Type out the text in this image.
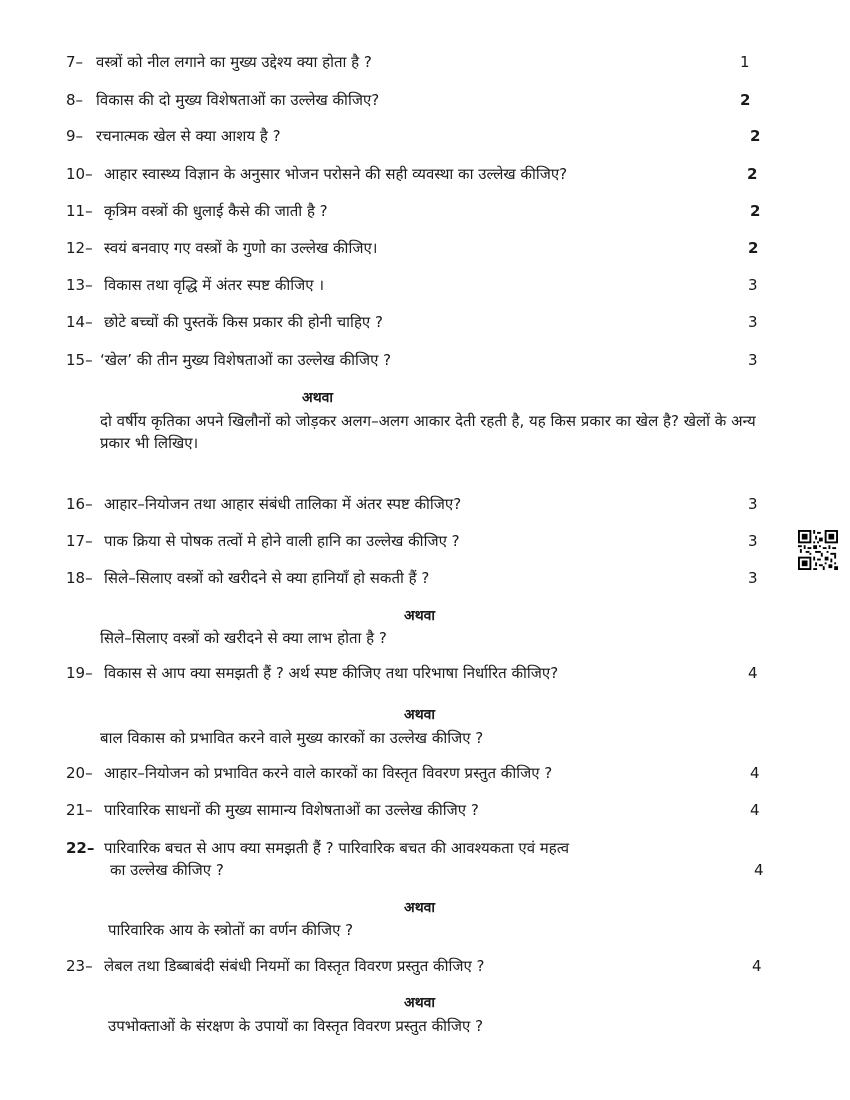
7– वस्त्रों को नील लगाने का मुख्य उद्देश्य क्या होता है ?	1
8– विकास की दो मुख्य विशेषताओं का उल्लेख कीजिए?	2
9– रचनात्मक खेल से क्या आशय है ?	2
10– आहार स्वास्थ्य विज्ञान के अनुसार भोजन परोसने की सही व्यवस्था का उल्लेख कीजिए?	2
11– कृत्रिम वस्त्रों की धुलाई कैसे की जाती है ?	2
12– स्वयं बनवाए गए वस्त्रों के गुणो का उल्लेख कीजिए।	2
13– विकास तथा वृद्धि में अंतर स्पष्ट कीजिए ।	3
14– छोटे बच्चों की पुस्तकें किस प्रकार की होनी चाहिए ?	3
15– ‘खेल’ की तीन मुख्य विशेषताओं का उल्लेख कीजिए ?	3
अथवा
दो वर्षीय कृतिका अपने खिलौनों को जोड़कर अलग–अलग आकार देती रहती है, यह किस प्रकार का खेल है? खेलों के अन्य प्रकार भी लिखिए।
16– आहार–नियोजन तथा आहार संबंधी तालिका में अंतर स्पष्ट कीजिए?	3
17– पाक क्रिया से पोषक तत्वों मे होने वाली हानि का उल्लेख कीजिए ?	3
18– सिले–सिलाए वस्त्रों को खरीदने से क्या हानियाँ हो सकती हैं ?	3
अथवा
सिले–सिलाए वस्त्रों को खरीदने से क्या लाभ होता है ?
19– विकास से आप क्या समझती हैं ? अर्थ स्पष्ट कीजिए तथा परिभाषा निर्धारित कीजिए?	4
अथवा
बाल विकास को प्रभावित करने वाले मुख्य कारकों का उल्लेख कीजिए ?
20– आहार–नियोजन को प्रभावित करने वाले कारकों का विस्तृत विवरण प्रस्तुत कीजिए ?	4
21– पारिवारिक साधनों की मुख्य सामान्य विशेषताओं का उल्लेख कीजिए ?	4
22– पारिवारिक बचत से आप क्या समझती हैं ? पारिवारिक बचत की आवश्यकता एवं महत्व
का उल्लेख कीजिए ?	4
अथवा
पारिवारिक आय के स्त्रोतों का वर्णन कीजिए ?
23– लेबल तथा डिब्बाबंदी संबंधी नियमों का विस्तृत विवरण प्रस्तुत कीजिए ?	4
अथवा
उपभोक्ताओं के संरक्षण के उपायों का विस्तृत विवरण प्रस्तुत कीजिए ?
